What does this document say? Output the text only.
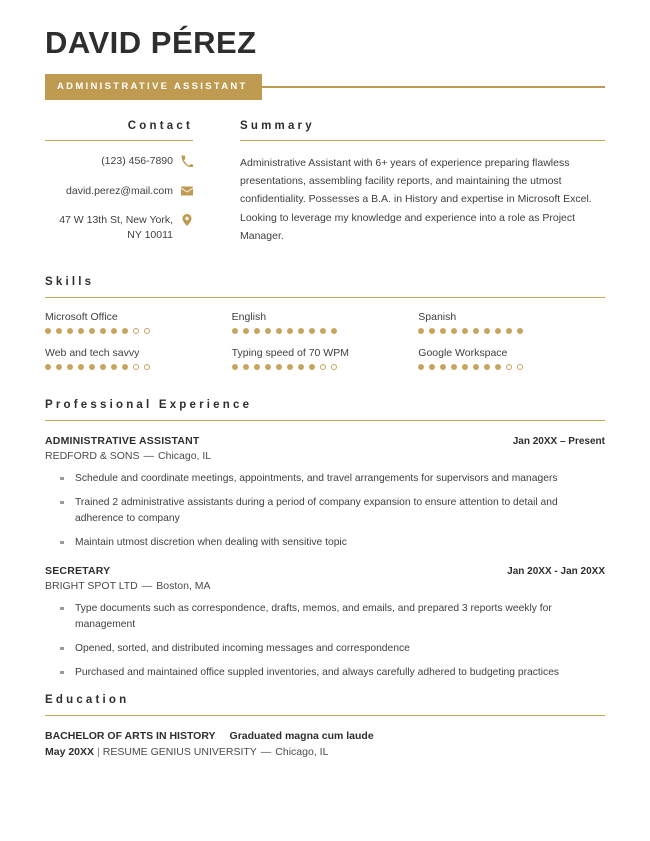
DAVID PÉREZ
ADMINISTRATIVE ASSISTANT
Contact
(123) 456-7890
david.perez@mail.com
47 W 13th St, New York, NY 10011
Summary
Administrative Assistant with 6+ years of experience preparing flawless presentations, assembling facility reports, and maintaining the utmost confidentiality. Possesses a B.A. in History and expertise in Microsoft Excel. Looking to leverage my knowledge and experience into a role as Project Manager.
Skills
Microsoft Office	English	Spanish
Web and tech savvy	Typing speed of 70 WPM	Google Workspace
Professional Experience
ADMINISTRATIVE ASSISTANT	Jan 20XX – Present
REDFORD & SONS — Chicago, IL
Schedule and coordinate meetings, appointments, and travel arrangements for supervisors and managers
Trained 2 administrative assistants during a period of company expansion to ensure attention to detail and adherence to company
Maintain utmost discretion when dealing with sensitive topic
SECRETARY	Jan 20XX - Jan 20XX
BRIGHT SPOT LTD — Boston, MA
Type documents such as correspondence, drafts, memos, and emails, and prepared 3 reports weekly for management
Opened, sorted, and distributed incoming messages and correspondence
Purchased and maintained office suppled inventories, and always carefully adhered to budgeting practices
Education
BACHELOR OF ARTS IN HISTORY Graduated magna cum laude
May 20XX | RESUME GENIUS UNIVERSITY — Chicago, IL
